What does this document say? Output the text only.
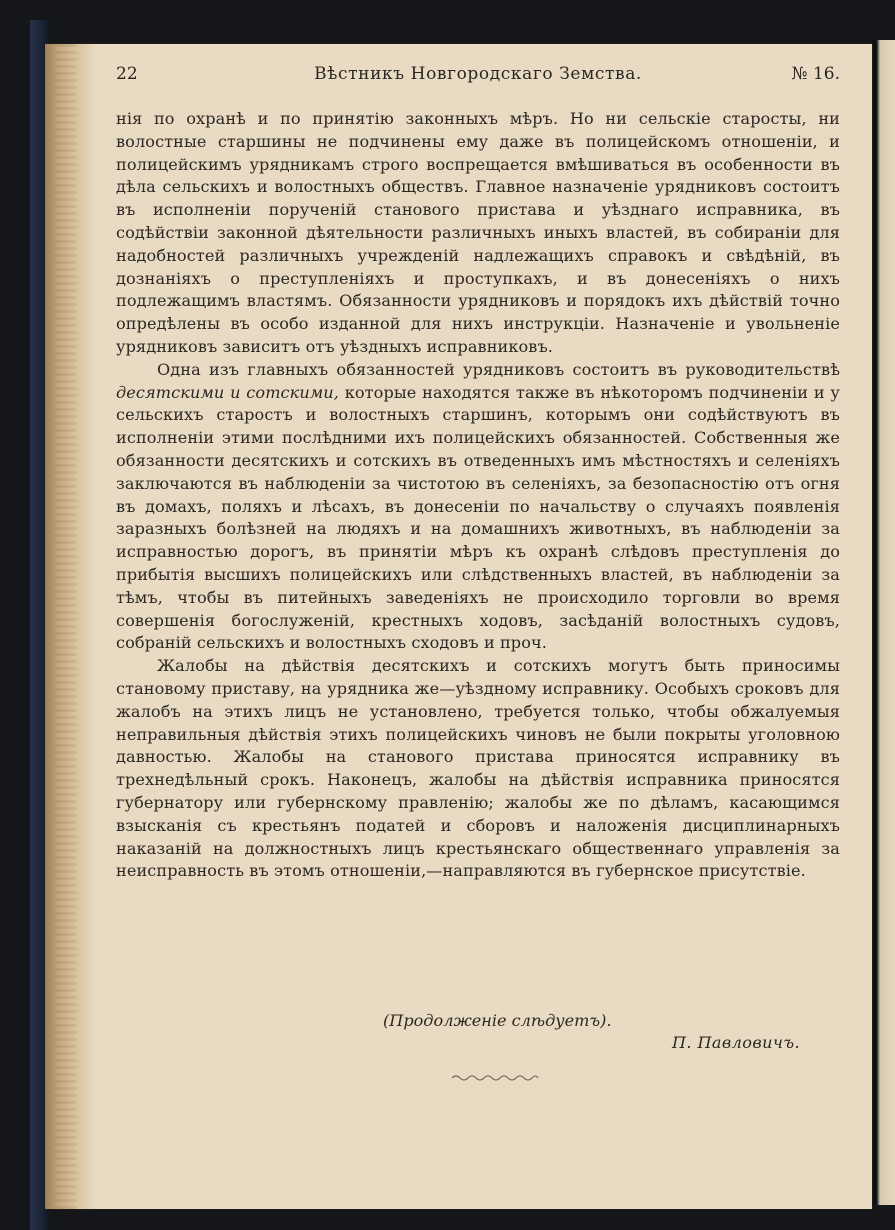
22	Вѣстникъ Новгородскаго Земства.	№ 16.

нія по охранѣ и по принятію законныхъ мѣръ. Но ни сельскіе старосты, ни волостные старшины не подчинены ему даже въ полицейскомъ отношеніи, и полицейскимъ урядникамъ строго воспрещается вмѣшиваться въ особенности въ дѣла сельскихъ и волостныхъ обществъ. Главное назначеніе урядниковъ состоитъ въ исполненіи порученій станового пристава и уѣзднаго исправника, въ содѣйствіи законной дѣятельности различныхъ иныхъ властей, въ собираніи для надобностей различныхъ учрежденій надлежащихъ справокъ и свѣдѣній, въ дознаніяхъ о преступленіяхъ и проступкахъ, и въ донесеніяхъ о нихъ подлежащимъ властямъ. Обязанности урядниковъ и порядокъ ихъ дѣйствій точно опредѣлены въ особо изданной для нихъ инструкціи. Назначеніе и увольненіе урядниковъ зависитъ отъ уѣздныхъ исправниковъ.

Одна изъ главныхъ обязанностей урядниковъ состоитъ въ руководительствѣ десятскими и сотскими, которые находятся также въ нѣкоторомъ подчиненіи и у сельскихъ старостъ и волостныхъ старшинъ, которымъ они содѣйствуютъ въ исполненіи этими послѣдними ихъ полицейскихъ обязанностей. Собственныя же обязанности десятскихъ и сотскихъ въ отведенныхъ имъ мѣстностяхъ и селеніяхъ заключаются въ наблюденіи за чистотою въ селеніяхъ, за безопасностію отъ огня въ домахъ, поляхъ и лѣсахъ, въ донесеніи по начальству о случаяхъ появленія заразныхъ болѣзней на людяхъ и на домашнихъ животныхъ, въ наблюденіи за исправностью дорогъ, въ принятіи мѣръ къ охранѣ слѣдовъ преступленія до прибытія высшихъ полицейскихъ или слѣдственныхъ властей, въ наблюденіи за тѣмъ, чтобы въ питейныхъ заведеніяхъ не происходило торговли во время совершенія богослуженій, крестныхъ ходовъ, засѣданій волостныхъ судовъ, собраній сельскихъ и волостныхъ сходовъ и проч.

Жалобы на дѣйствія десятскихъ и сотскихъ могутъ быть приносимы становому приставу, на урядника же—уѣздному исправнику. Особыхъ сроковъ для жалобъ на этихъ лицъ не установлено, требуется только, чтобы обжалуемыя неправильныя дѣйствія этихъ полицейскихъ чиновъ не были покрыты уголовною давностью. Жалобы на станового пристава приносятся исправнику въ трехнедѣльный срокъ. Наконецъ, жалобы на дѣйствія исправника приносятся губернатору или губернскому правленію; жалобы же по дѣламъ, касающимся взысканія съ крестьянъ податей и сборовъ и наложенія дисциплинарныхъ наказаній на должностныхъ лицъ крестьянскаго общественнаго управленія за неисправность въ этомъ отношеніи,—направляются въ губернское присутствіе.

(Продолженіе слѣдуетъ).
П. Павловичъ.
